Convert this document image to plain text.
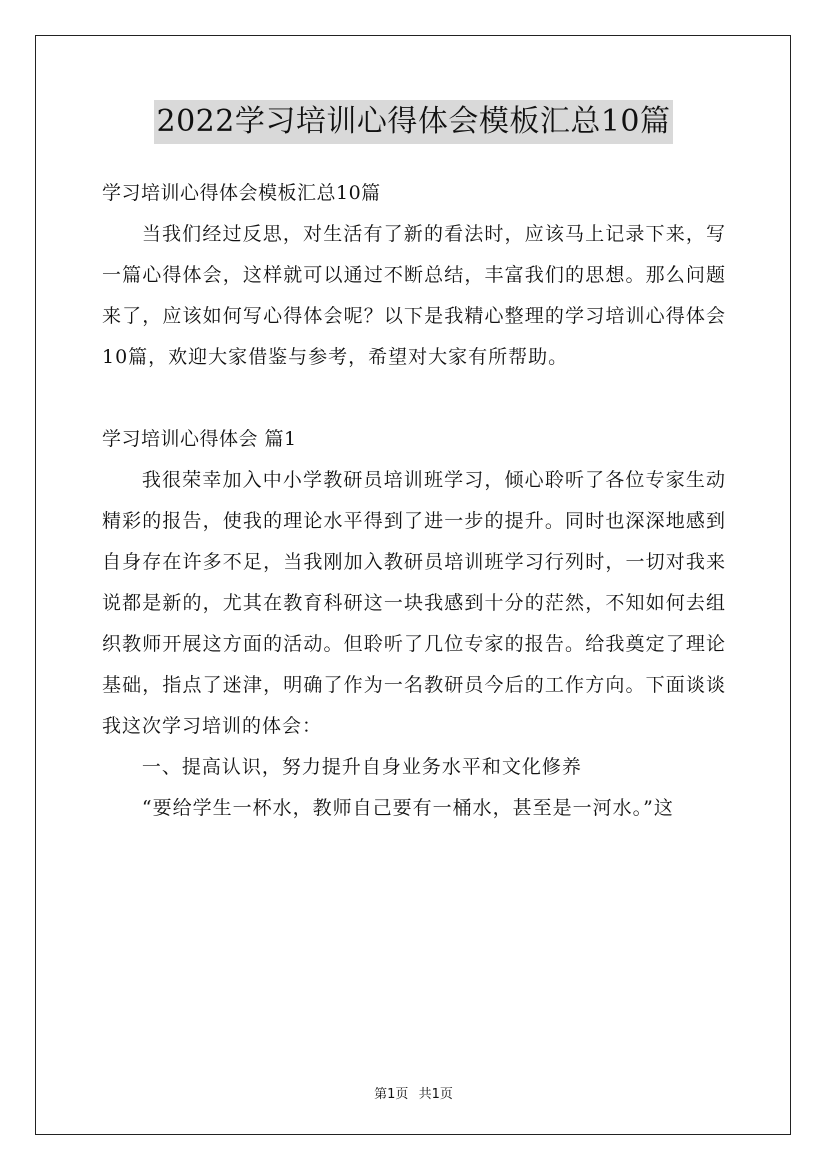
2022学习培训心得体会模板汇总10篇

学习培训心得体会模板汇总10篇

当我们经过反思，对生活有了新的看法时，应该马上记录下来，写一篇心得体会，这样就可以通过不断总结，丰富我们的思想。那么问题来了，应该如何写心得体会呢？以下是我精心整理的学习培训心得体会10篇，欢迎大家借鉴与参考，希望对大家有所帮助。

学习培训心得体会 篇1

我很荣幸加入中小学教研员培训班学习，倾心聆听了各位专家生动精彩的报告，使我的理论水平得到了进一步的提升。同时也深深地感到自身存在许多不足，当我刚加入教研员培训班学习行列时，一切对我来说都是新的，尤其在教育科研这一块我感到十分的茫然，不知如何去组织教师开展这方面的活动。但聆听了几位专家的报告。给我奠定了理论基础，指点了迷津，明确了作为一名教研员今后的工作方向。下面谈谈我这次学习培训的体会：

一、提高认识，努力提升自身业务水平和文化修养

“要给学生一杯水，教师自己要有一桶水，甚至是一河水。”这

第1页 共1页
